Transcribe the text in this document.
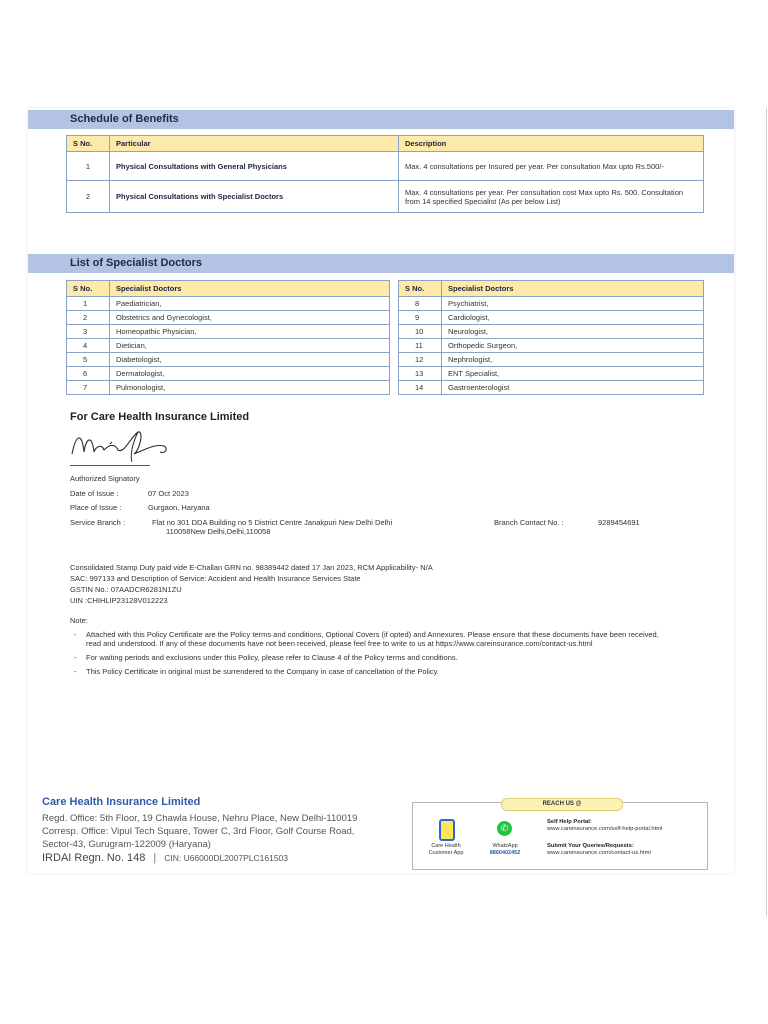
Schedule of Benefits
S No.	Particular	Description
1	Physical Consultations with General Physicians	Max. 4 consultations per Insured per year. Per consultation Max upto Rs.500/-
2	Physical Consultations with Specialist Doctors	Max. 4 consultations per year. Per consultation cost Max upto Rs. 500. Consultation from 14 specified Specialist (As per below List)
List of Specialist Doctors
S No.	Specialist Doctors
1	Paediatrician,
2	Obstetrics and Gynecologist,
3	Homeopathic Physician,
4	Dietician,
5	Diabetologist,
6	Dermatologist,
7	Pulmonologist,
S No.	Specialist Doctors
8	Psychiatrist,
9	Cardiologist,
10	Neurologist,
11	Orthopedic Surgeon,
12	Nephrologist,
13	ENT Specialist,
14	Gastroenterologist
For Care Health Insurance Limited
Authorized Signatory
Date of Issue :	07 Oct 2023
Place of Issue :	Gurgaon, Haryana
Service Branch :	Flat no 301 DDA Building no 5 District Centre Janakpuri New Delhi Delhi
110058New Delhi,Delhi,110058
Branch Contact No. :	9289454691
Consolidated Stamp Duty paid vide E-Challan GRN no. 98389442 dated 17 Jan 2023, RCM Applicability- N/A
SAC: 997133 and Description of Service: Accident and Health Insurance Services State
GSTIN No.: 07AADCR6281N1ZU
UIN :CHIHLIP23128V012223
Note:
- Attached with this Policy Certificate are the Policy terms and conditions, Optional Covers (if opted) and Annexures. Please ensure that these documents have been received, read and understood. If any of these documents have not been received, please feel free to write to us at https://www.careinsurance.com/contact-us.html
- For waiting periods and exclusions under this Policy, please refer to Clause 4 of the Policy terms and conditions.
- This Policy Certificate in original must be surrendered to the Company in case of cancellation of the Policy.
Care Health Insurance Limited
Regd. Office: 5th Floor, 19 Chawla House, Nehru Place, New Delhi-110019
Corresp. Office: Vipul Tech Square, Tower C, 3rd Floor, Golf Course Road,
Sector-43, Gurugram-122009 (Haryana)
IRDAI Regn. No. 148 | CIN: U66000DL2007PLC161503
REACH US @
Care Health
Customer App
✆
WhatsApp
8860402452
Self Help Portal:
www.careinsurance.com/self-help-portal.html
Submit Your Queries/Requests:
www.careinsurance.com/contact-us.html
